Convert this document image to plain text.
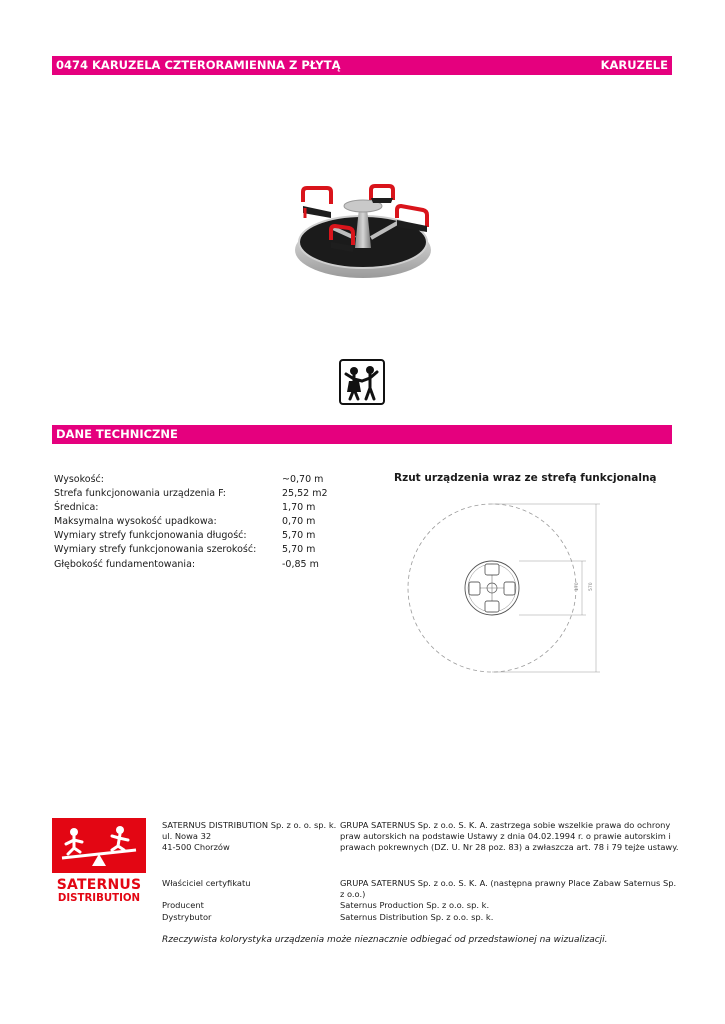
0474 KARUZELA CZTERORAMIENNA Z PŁYTĄ	KARUZELE
DANE TECHNICZNE
Wysokość:	~0,70 m
Strefa funkcjonowania urządzenia F:	25,52 m2
Średnica:	1,70 m
Maksymalna wysokość upadkowa:	0,70 m
Wymiary strefy funkcjonowania długość:	5,70 m
Wymiary strefy funkcjonowania szerokość:	5,70 m
Głębokość fundamentowania:	-0,85 m
Rzut urządzenia wraz ze strefą funkcjonalną
170 570
SATERNUS
DISTRIBUTION
SATERNUS DISTRIBUTION Sp. z o. o. sp. k.
ul. Nowa 32
41-500 Chorzów
GRUPA SATERNUS Sp. z o.o. S. K. A. zastrzega sobie wszelkie prawa do ochrony praw autorskich na podstawie Ustawy z dnia 04.02.1994 r. o prawie autorskim i prawach pokrewnych (DZ. U. Nr 28 poz. 83) a zwłaszcza art. 78 i 79 tejże ustawy.
Właściciel certyfikatu	GRUPA SATERNUS Sp. z o.o. S. K. A. (następna prawny Place Zabaw Saternus Sp. z o.o.)
Producent	Saternus Production Sp. z o.o. sp. k.
Dystrybutor	Saternus Distribution Sp. z o.o. sp. k.
Rzeczywista kolorystyka urządzenia może nieznacznie odbiegać od przedstawionej na wizualizacji.
